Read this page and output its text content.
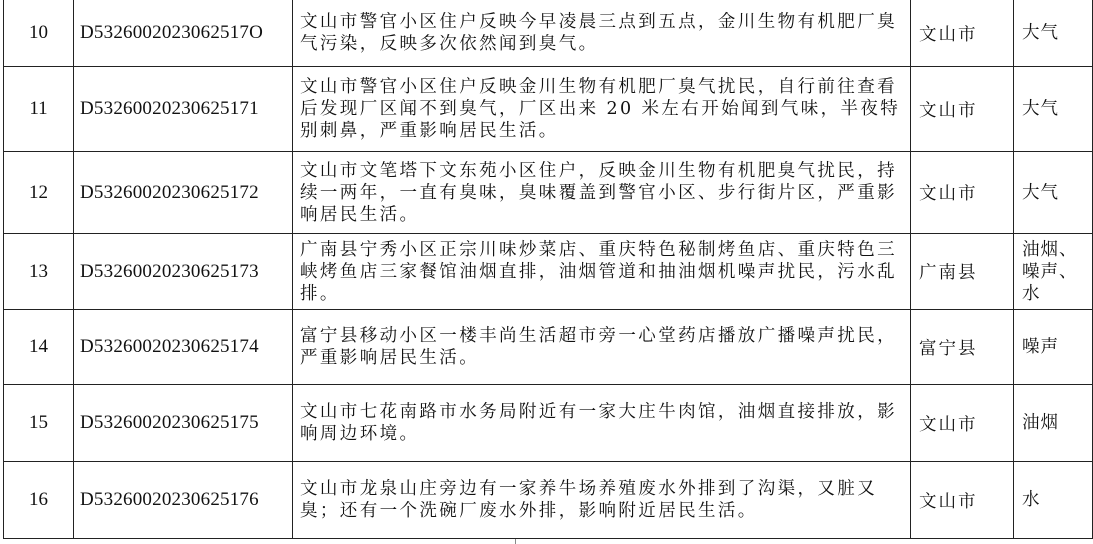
10	D5326002023062517O	文山市警官小区住户反映今早凌晨三点到五点，金川生物有机肥厂臭气污染，反映多次依然闻到臭气。	文山市	大气

11	D53260020230625171	文山市警官小区住户反映金川生物有机肥厂臭气扰民，自行前往查看后发现厂区闻不到臭气，厂区出来 20 米左右开始闻到气味，半夜特别刺鼻，严重影响居民生活。	文山市	大气

12	D53260020230625172	文山市文笔塔下文东苑小区住户，反映金川生物有机肥臭气扰民，持续一两年，一直有臭味，臭味覆盖到警官小区、步行街片区，严重影响居民生活。	文山市	大气

13	D53260020230625173	广南县宁秀小区正宗川味炒菜店、重庆特色秘制烤鱼店、重庆特色三峡烤鱼店三家餐馆油烟直排，油烟管道和抽油烟机噪声扰民，污水乱排。	广南县	油烟、
噪声、
水

14	D53260020230625174	富宁县移动小区一楼丰尚生活超市旁一心堂药店播放广播噪声扰民，严重影响居民生活。	富宁县	噪声

15	D53260020230625175	文山市七花南路市水务局附近有一家大庄牛肉馆，油烟直接排放，影响周边环境。	文山市	油烟

16	D53260020230625176	文山市龙泉山庄旁边有一家养牛场养殖废水外排到了沟渠，又脏又臭；还有一个洗碗厂废水外排，影响附近居民生活。	文山市	水
